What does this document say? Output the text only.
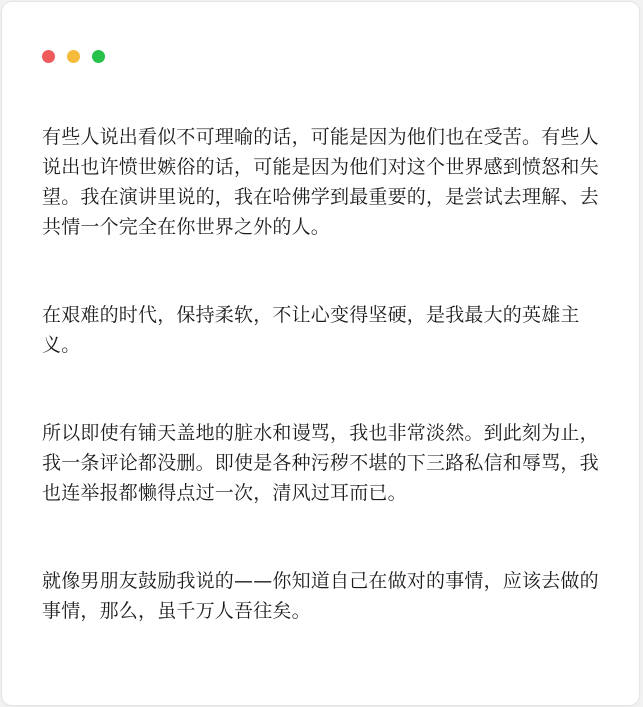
有些人说出看似不可理喻的话，可能是因为他们也在受苦。有些人说出也许愤世嫉俗的话，可能是因为他们对这个世界感到愤怒和失望。我在演讲里说的，我在哈佛学到最重要的，是尝试去理解、去共情一个完全在你世界之外的人。

在艰难的时代，保持柔软，不让心变得坚硬，是我最大的英雄主义。

所以即使有铺天盖地的脏水和谩骂，我也非常淡然。到此刻为止，我一条评论都没删。即使是各种污秽不堪的下三路私信和辱骂，我也连举报都懒得点过一次，清风过耳而已。

就像男朋友鼓励我说的——你知道自己在做对的事情，应该去做的事情，那么，虽千万人吾往矣。
